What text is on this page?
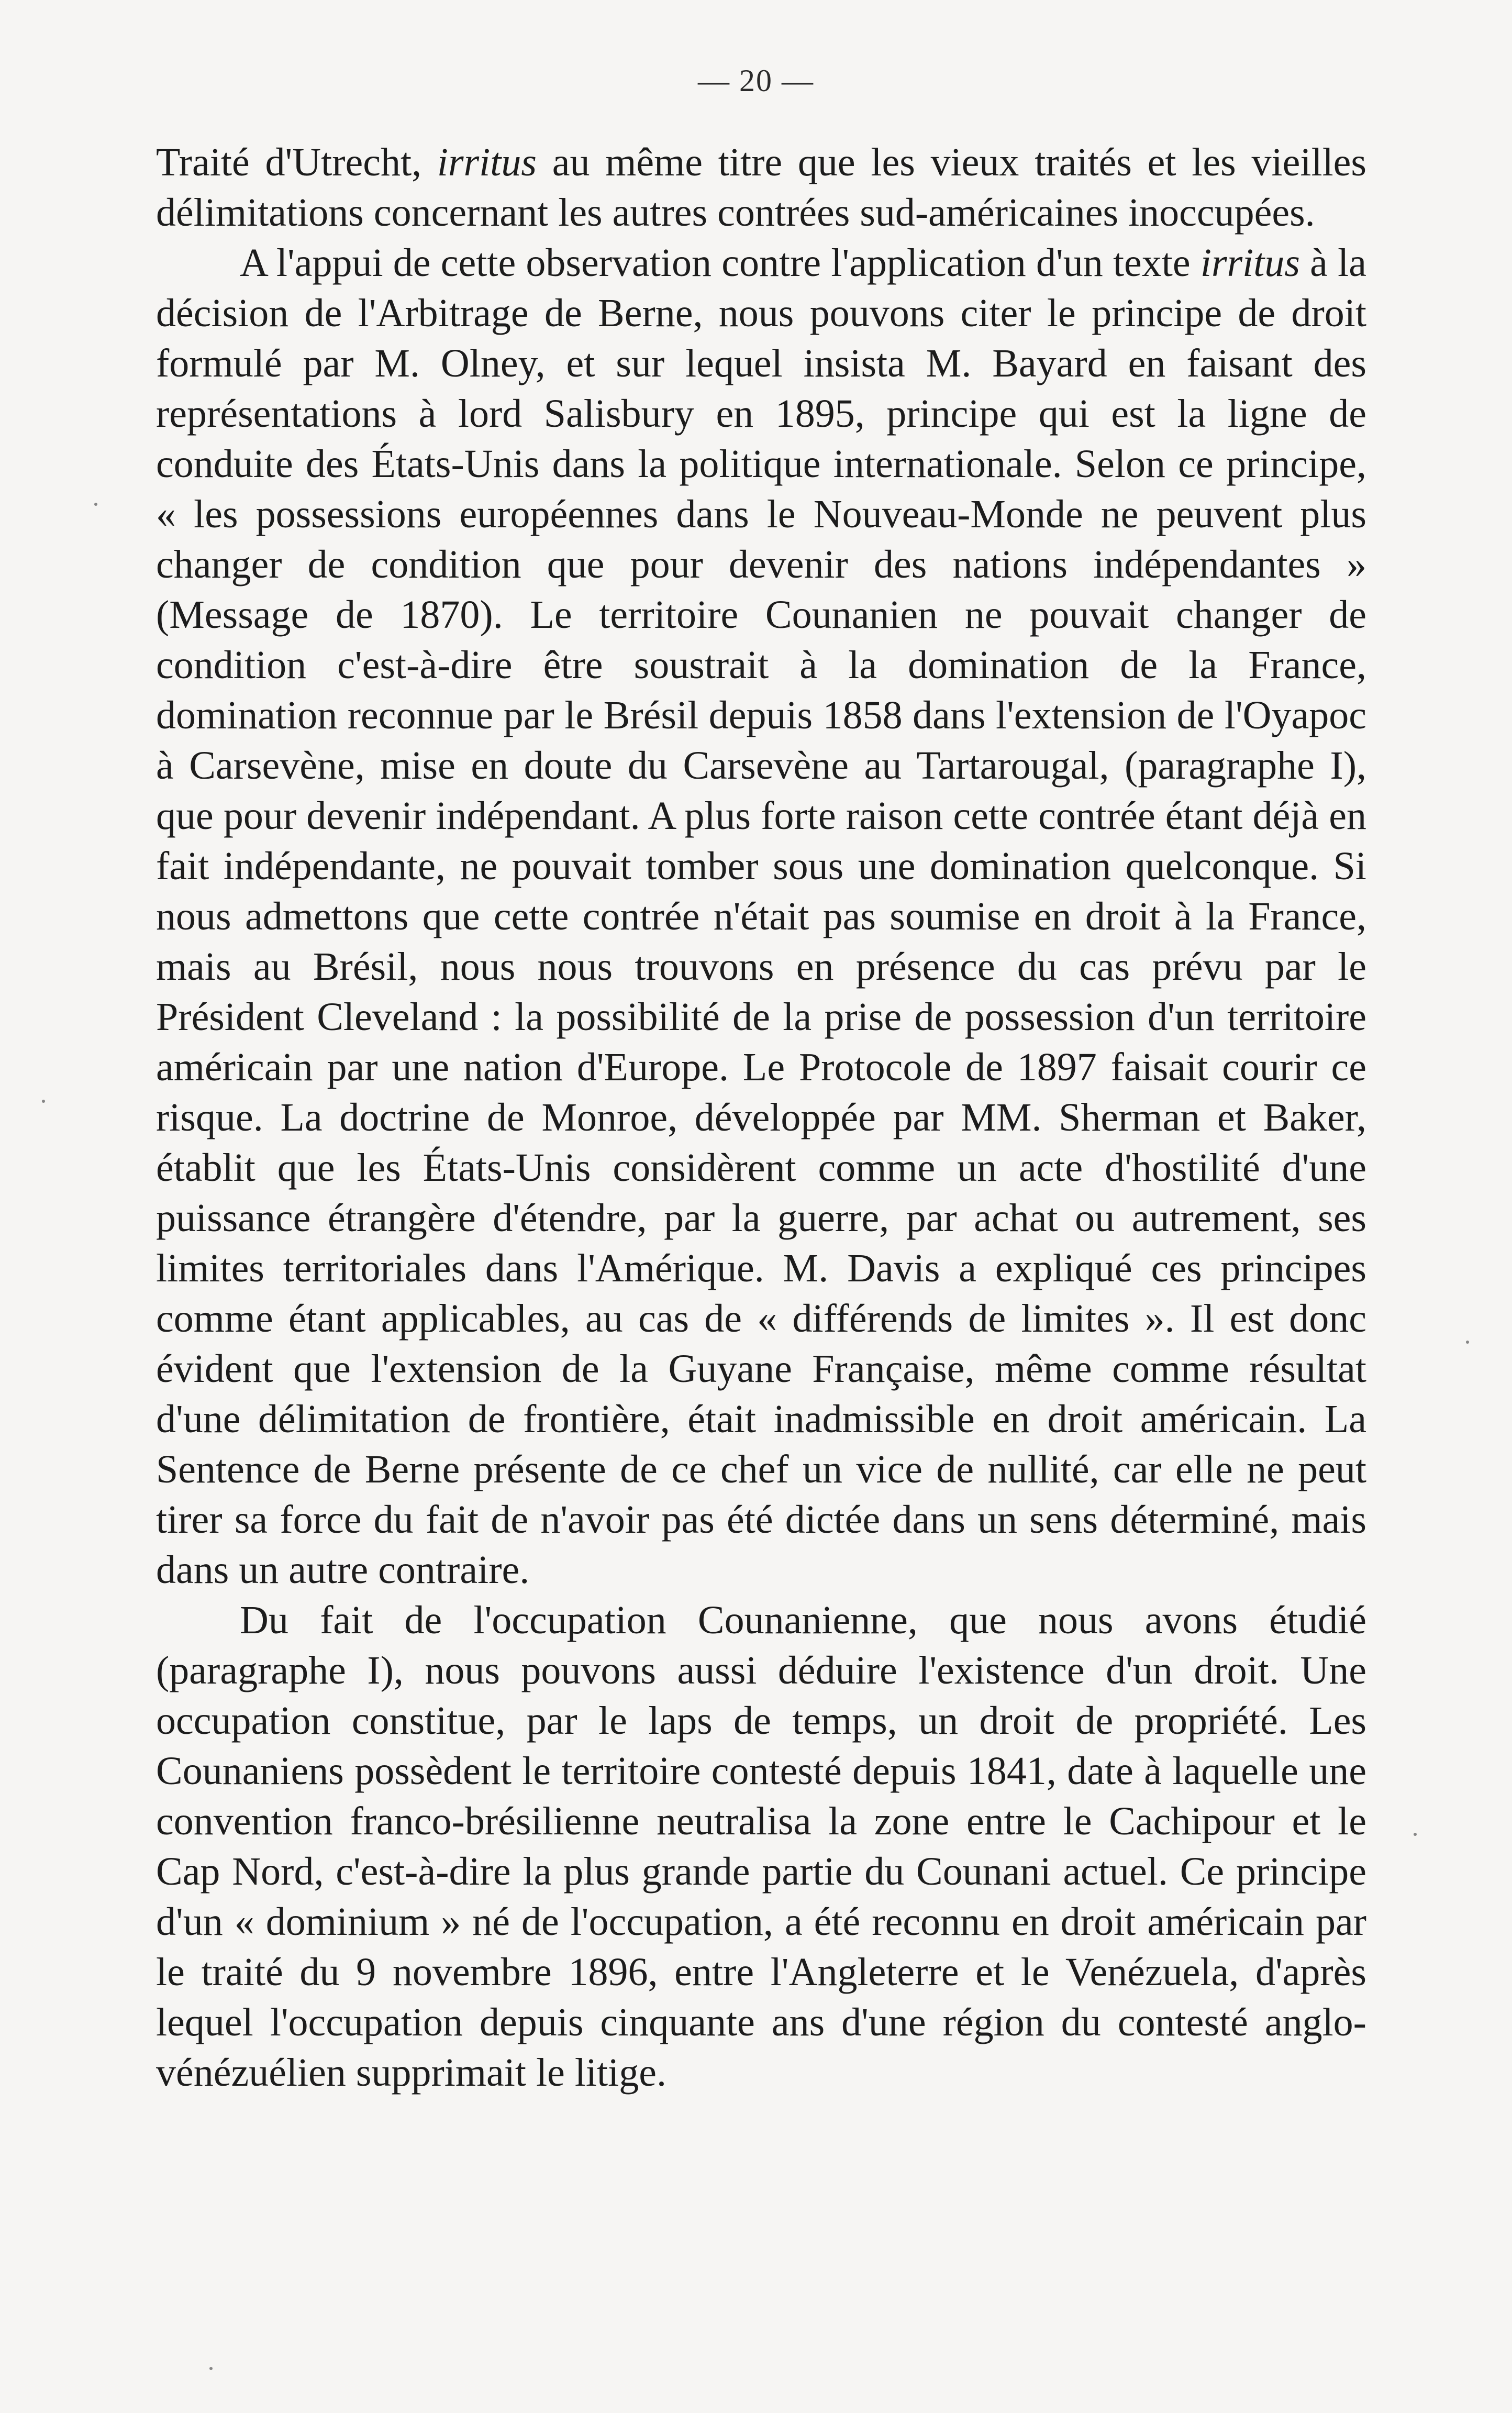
— 20 —

Traité d'Utrecht, irritus au même titre que les vieux traités et les vieilles délimitations concernant les autres contrées sud-américaines inoccupées.

A l'appui de cette observation contre l'application d'un texte irritus à la décision de l'Arbitrage de Berne, nous pouvons citer le principe de droit formulé par M. Olney, et sur lequel insista M. Bayard en faisant des représentations à lord Salisbury en 1895, principe qui est la ligne de conduite des États-Unis dans la politique internationale. Selon ce principe, « les possessions européennes dans le Nouveau-Monde ne peuvent plus changer de condition que pour devenir des nations indépendantes » (Message de 1870). Le territoire Counanien ne pouvait changer de condition c'est-à-dire être soustrait à la domination de la France, domination reconnue par le Brésil depuis 1858 dans l'extension de l'Oyapoc à Carsevène, mise en doute du Carsevène au Tartarougal, (paragraphe I), que pour devenir indépendant. A plus forte raison cette contrée étant déjà en fait indépendante, ne pouvait tomber sous une domination quelconque. Si nous admettons que cette contrée n'était pas soumise en droit à la France, mais au Brésil, nous nous trouvons en présence du cas prévu par le Président Cleveland : la possibilité de la prise de possession d'un territoire américain par une nation d'Europe. Le Protocole de 1897 faisait courir ce risque. La doctrine de Monroe, développée par MM. Sherman et Baker, établit que les États-Unis considèrent comme un acte d'hostilité d'une puissance étrangère d'étendre, par la guerre, par achat ou autrement, ses limites territoriales dans l'Amérique. M. Davis a expliqué ces principes comme étant applicables, au cas de « différends de limites ». Il est donc évident que l'extension de la Guyane Française, même comme résultat d'une délimitation de frontière, était inadmissible en droit américain. La Sentence de Berne présente de ce chef un vice de nullité, car elle ne peut tirer sa force du fait de n'avoir pas été dictée dans un sens déterminé, mais dans un autre contraire.

Du fait de l'occupation Counanienne, que nous avons étudié (paragraphe I), nous pouvons aussi déduire l'existence d'un droit. Une occupation constitue, par le laps de temps, un droit de propriété. Les Counaniens possèdent le territoire contesté depuis 1841, date à laquelle une convention franco-brésilienne neutralisa la zone entre le Cachipour et le Cap Nord, c'est-à-dire la plus grande partie du Counani actuel. Ce principe d'un « dominium » né de l'occupation, a été reconnu en droit américain par le traité du 9 novembre 1896, entre l'Angleterre et le Venézuela, d'après lequel l'occupation depuis cinquante ans d'une région du contesté anglo-vénézuélien supprimait le litige.
